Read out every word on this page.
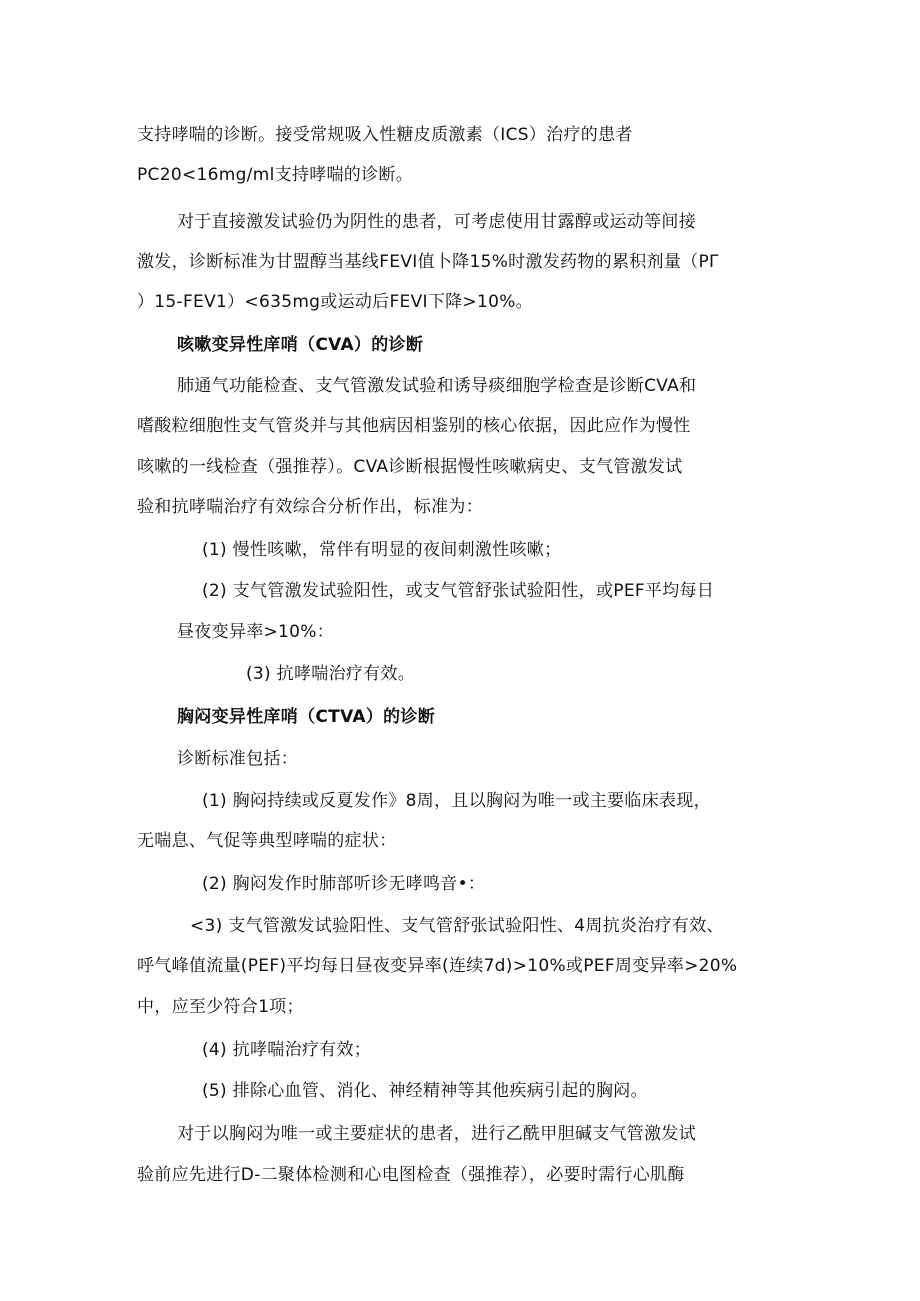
支持哮喘的诊断。接受常规吸入性糖皮质激素（ICS）治疗的患者
PC20<16mg∕ml支持哮喘的诊断。
对于直接激发试验仍为阴性的患者，可考虑使用甘露醇或运动等间接
激发，诊断标准为甘盟醇当基线FEVI值卜降15%时激发药物的累积剂量（PΓ
）15-FEV1）<635mg或运动后FEVI下降>10%。
咳嗽变异性庠哨（CVA）的诊断
肺通气功能检查、支气管激发试验和诱导痰细胞学检查是诊断CVA和
嗜酸粒细胞性支气管炎并与其他病因相鉴别的核心依据，因此应作为慢性
咳嗽的一线检查（强推荐）。CVA诊断根据慢性咳嗽病史、支气管激发试
验和抗哮喘治疗有效综合分析作出，标准为：
(1) 慢性咳嗽，常伴有明显的夜间刺激性咳嗽；
(2) 支气管激发试验阳性，或支气管舒张试验阳性，或PEF平均每日
昼夜变异率>10%：
(3) 抗哮喘治疗有效。
胸闷变异性庠哨（CTVA）的诊断
诊断标准包括：
(1) 胸闷持续或反夏发作》8周，且以胸闷为唯一或主要临床表现，
无喘息、气促等典型哮喘的症状：
(2) 胸闷发作时肺部听诊无哮鸣音•：
<3) 支气管激发试验阳性、支气管舒张试验阳性、4周抗炎治疗有效、
呼气峰值流量(PEF)平均每日昼夜变异率(连续7d)>10%或PEF周变异率>20%
中，应至少符合1项；
(4) 抗哮喘治疗有效；
(5) 排除心血管、消化、神经精神等其他疾病引起的胸闷。
对于以胸闷为唯一或主要症状的患者，进行乙酰甲胆碱支气管激发试
验前应先进行D-二聚体检测和心电图检查（强推荐），必要时需行心肌酶
